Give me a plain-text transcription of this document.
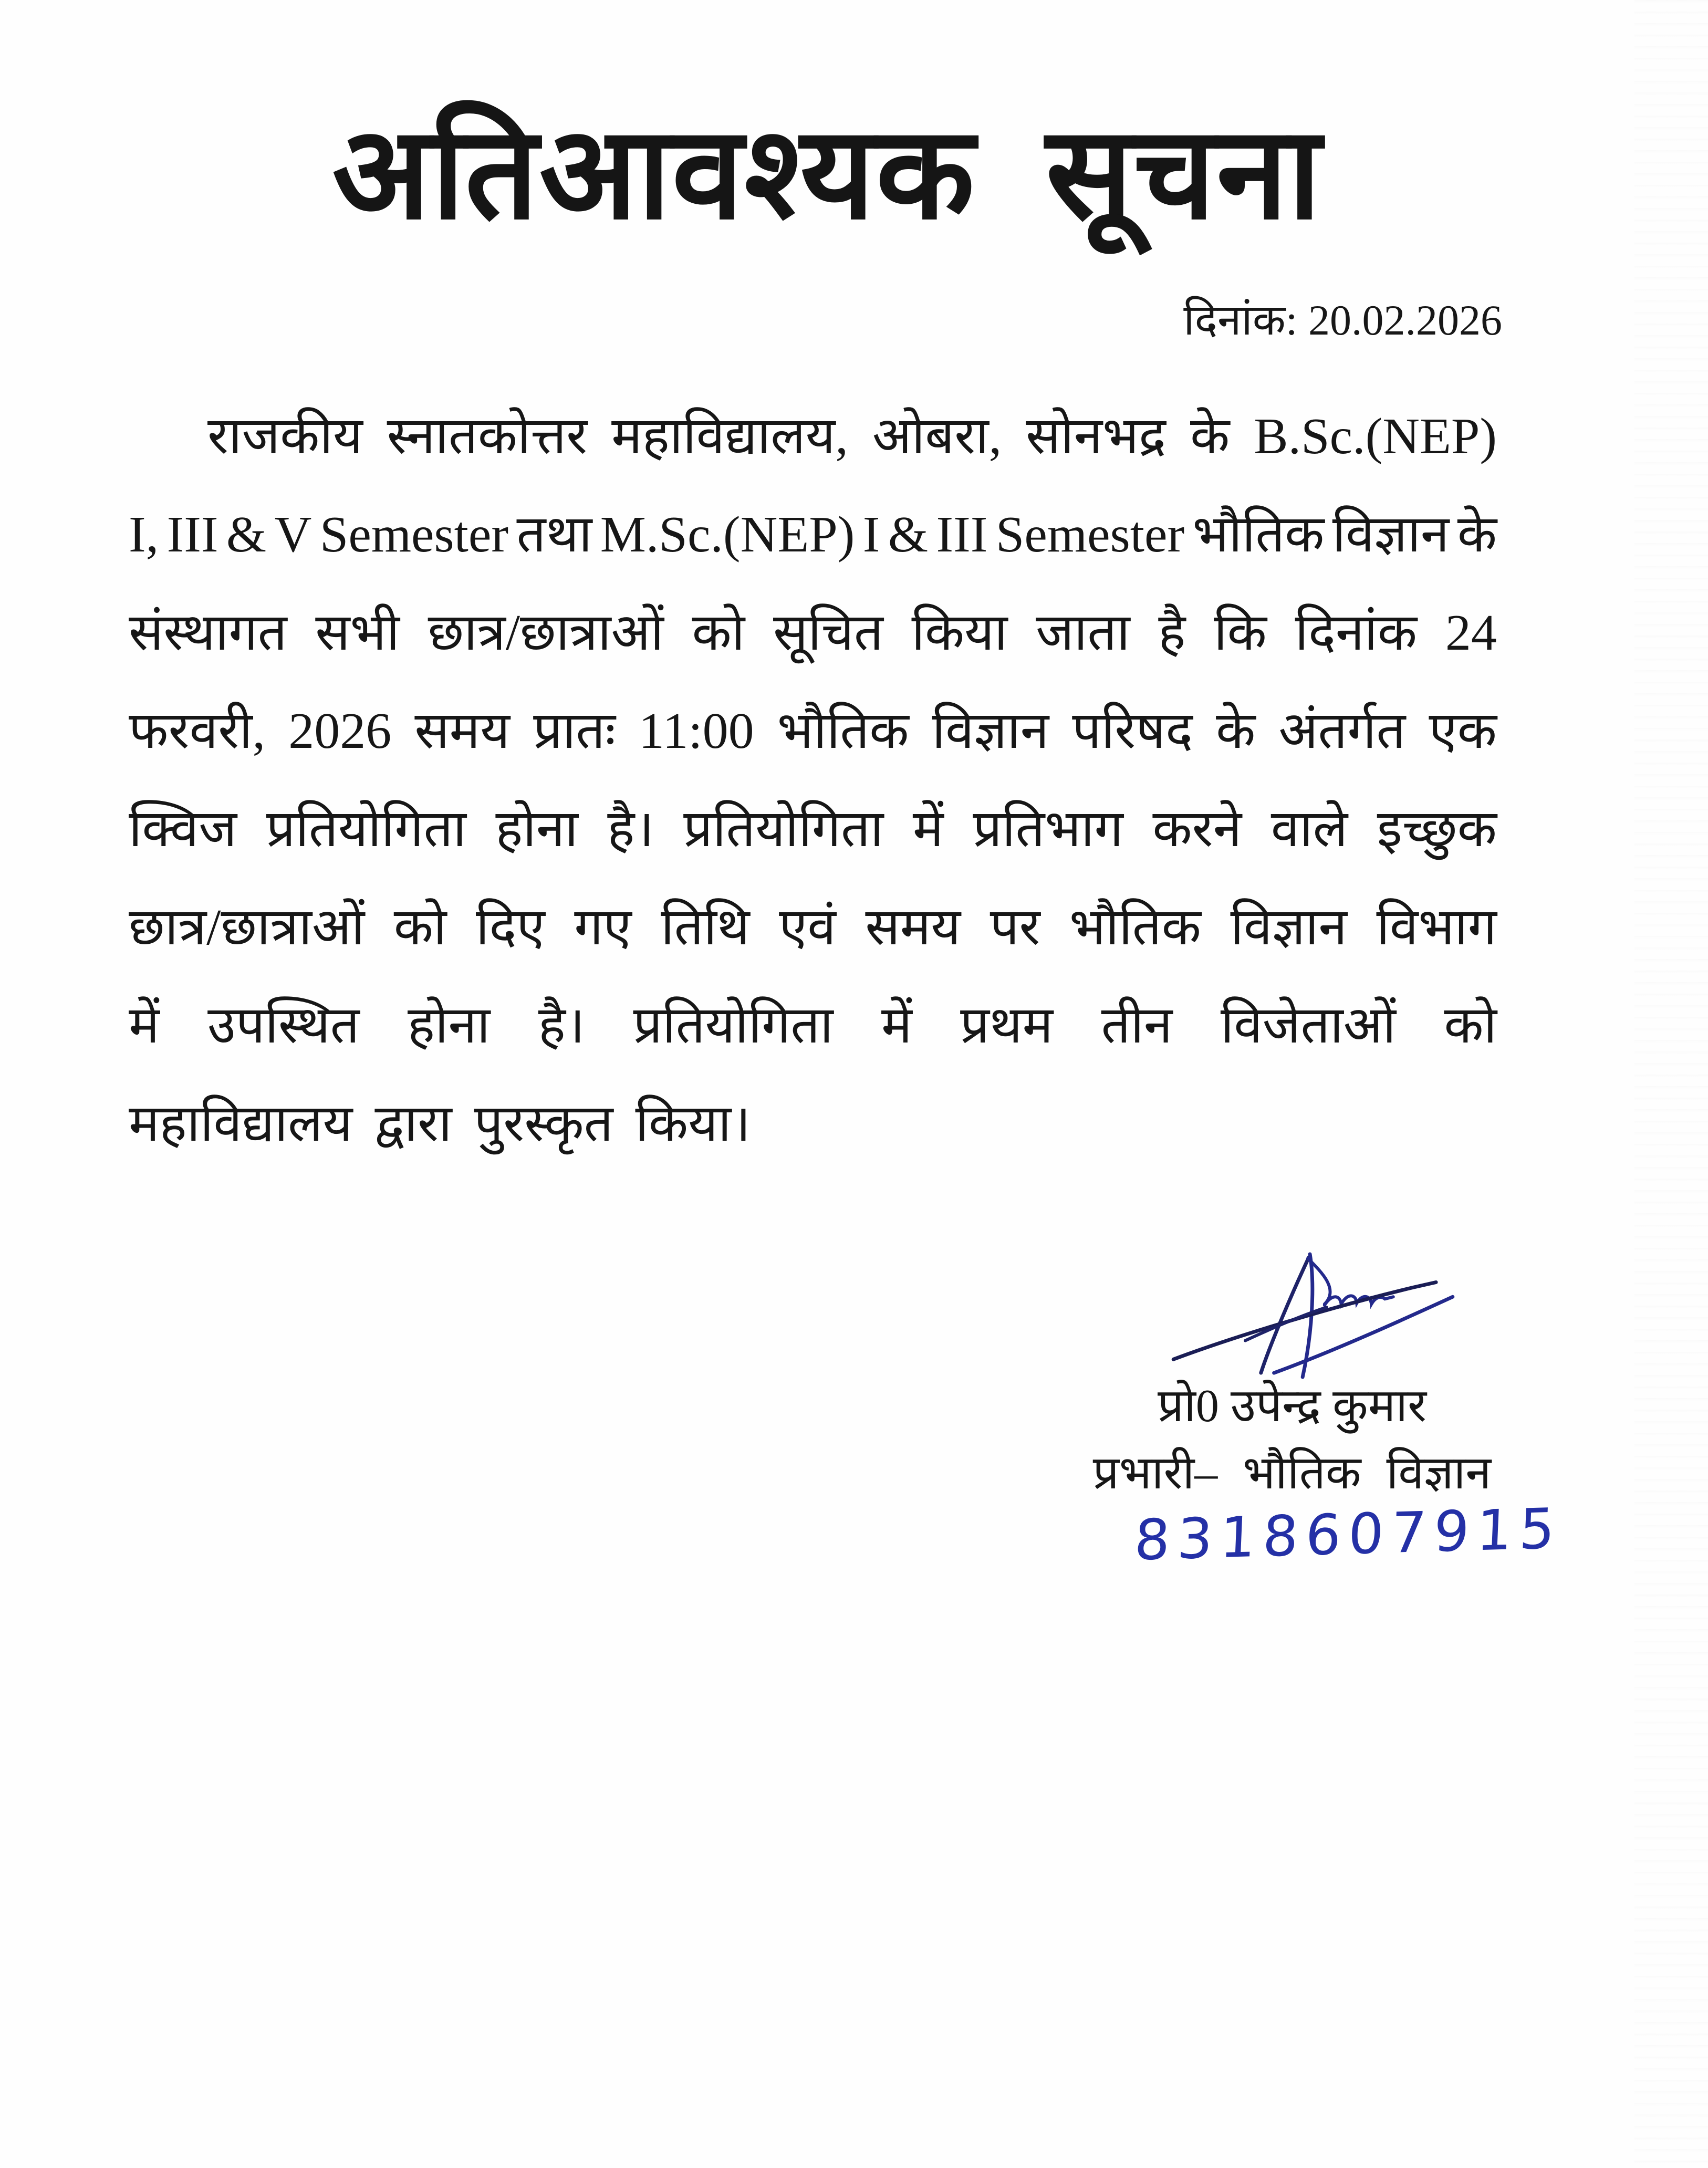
अतिआवश्यक सूचना
दिनांक: 20.02.2026
राजकीय स्नातकोत्तर महाविद्यालय, ओबरा, सोनभद्र के B.Sc.(NEP)
I, III & V Semester तथा M.Sc.(NEP) I & III Semester भौतिक विज्ञान के
संस्थागत सभी छात्र/छात्राओं को सूचित किया जाता है कि दिनांक 24
फरवरी, 2026 समय प्रातः 11:00 भौतिक विज्ञान परिषद के अंतर्गत एक
क्विज प्रतियोगिता होना है। प्रतियोगिता में प्रतिभाग करने वाले इच्छुक
छात्र/छात्राओं को दिए गए तिथि एवं समय पर भौतिक विज्ञान विभाग
में उपस्थित होना है। प्रतियोगिता में प्रथम तीन विजेताओं को
महाविद्यालय द्वारा पुरस्कृत किया।
प्रो0 उपेन्द्र कुमार
प्रभारी– भौतिक विज्ञान
8318607915
